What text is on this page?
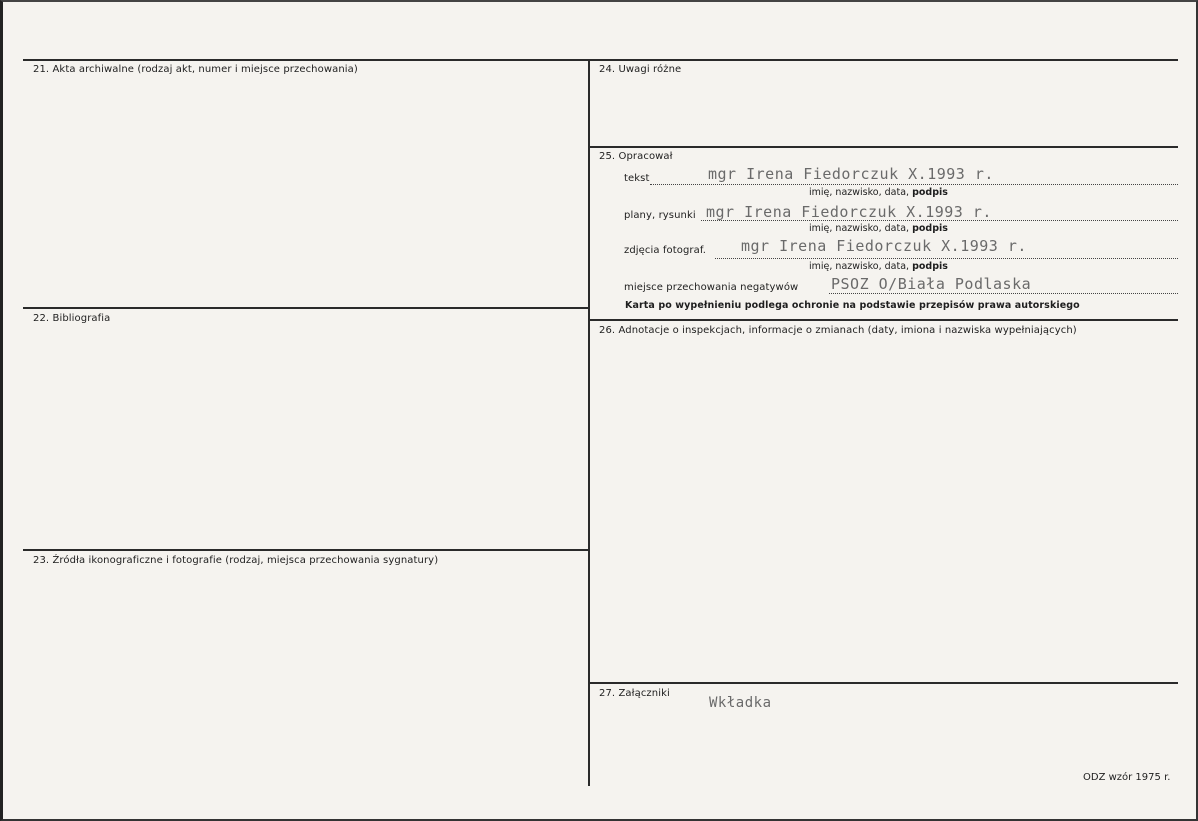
21. Akta archiwalne (rodzaj akt, numer i miejsce przechowania)
22. Bibliografia
23. Źródła ikonograficzne i fotografie (rodzaj, miejsca przechowania sygnatury)
24. Uwagi różne
25. Opracował
26. Adnotacje o inspekcjach, informacje o zmianach (daty, imiona i nazwiska wypełniających)
27. Załączniki
tekst	mgr Irena Fiedorczuk X.1993 r.
imię, nazwisko, data, podpis
plany, rysunki mgr Irena Fiedorczuk X.1993 r.
imię, nazwisko, data, podpis
zdjęcia fotograf. mgr Irena Fiedorczuk X.1993 r.
imię, nazwisko, data, podpis
miejsce przechowania negatywów PSOZ O/Biała Podlaska
Karta po wypełnieniu podlega ochronie na podstawie przepisów prawa autorskiego
Wkładka
ODZ wzór 1975 r.
